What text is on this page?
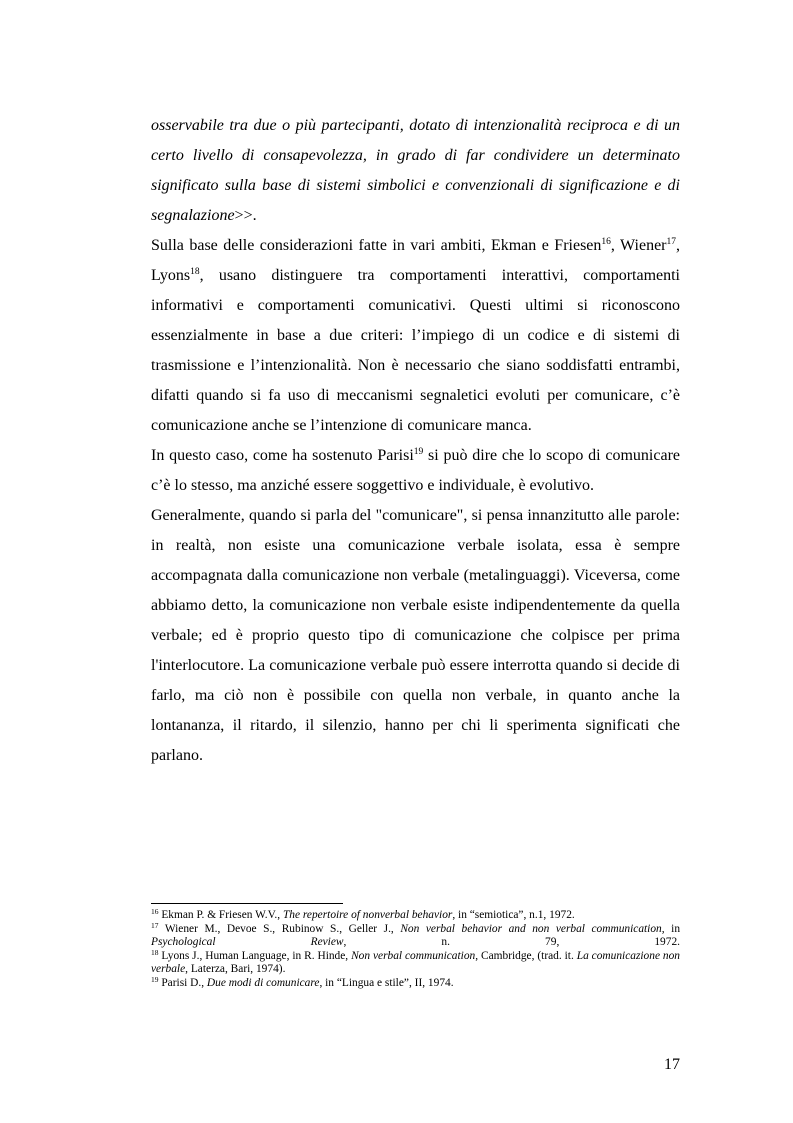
osservabile tra due o più partecipanti, dotato di intenzionalità reciproca e di un certo livello di consapevolezza, in grado di far condividere un determinato significato sulla base di sistemi simbolici e convenzionali di significazione e di segnalazione>>.

Sulla base delle considerazioni fatte in vari ambiti, Ekman e Friesen$^{16}$, Wiener$^{17}$, Lyons$^{18}$, usano distinguere tra comportamenti interattivi, comportamenti informativi e comportamenti comunicativi. Questi ultimi si riconoscono essenzialmente in base a due criteri: l’impiego di un codice e di sistemi di trasmissione e l’intenzionalità. Non è necessario che siano soddisfatti entrambi, difatti quando si fa uso di meccanismi segnaletici evoluti per comunicare, c’è comunicazione anche se l’intenzione di comunicare manca.

In questo caso, come ha sostenuto Parisi$^{19}$ si può dire che lo scopo di comunicare c’è lo stesso, ma anziché essere soggettivo e individuale, è evolutivo.

Generalmente, quando si parla del "comunicare", si pensa innanzitutto alle parole: in realtà, non esiste una comunicazione verbale isolata, essa è sempre accompagnata dalla comunicazione non verbale (metalinguaggi). Viceversa, come abbiamo detto, la comunicazione non verbale esiste indipendentemente da quella verbale; ed è proprio questo tipo di comunicazione che colpisce per prima l'interlocutore. La comunicazione verbale può essere interrotta quando si decide di farlo, ma ciò non è possibile con quella non verbale, in quanto anche la lontananza, il ritardo, il silenzio, hanno per chi li sperimenta significati che parlano.

$^{16}$ Ekman P. & Friesen W.V., The repertoire of nonverbal behavior, in “semiotica”, n.1, 1972.

$^{17}$ Wiener M., Devoe S., Rubinow S., Geller J., Non verbal behavior and non verbal communication, in Psychological Review, n. 79, 1972.

$^{18}$ Lyons J., Human Language, in R. Hinde, Non verbal communication, Cambridge, (trad. it. La comunicazione non verbale, Laterza, Bari, 1974).

$^{19}$ Parisi D., Due modi di comunicare, in “Lingua e stile”, II, 1974.

17
